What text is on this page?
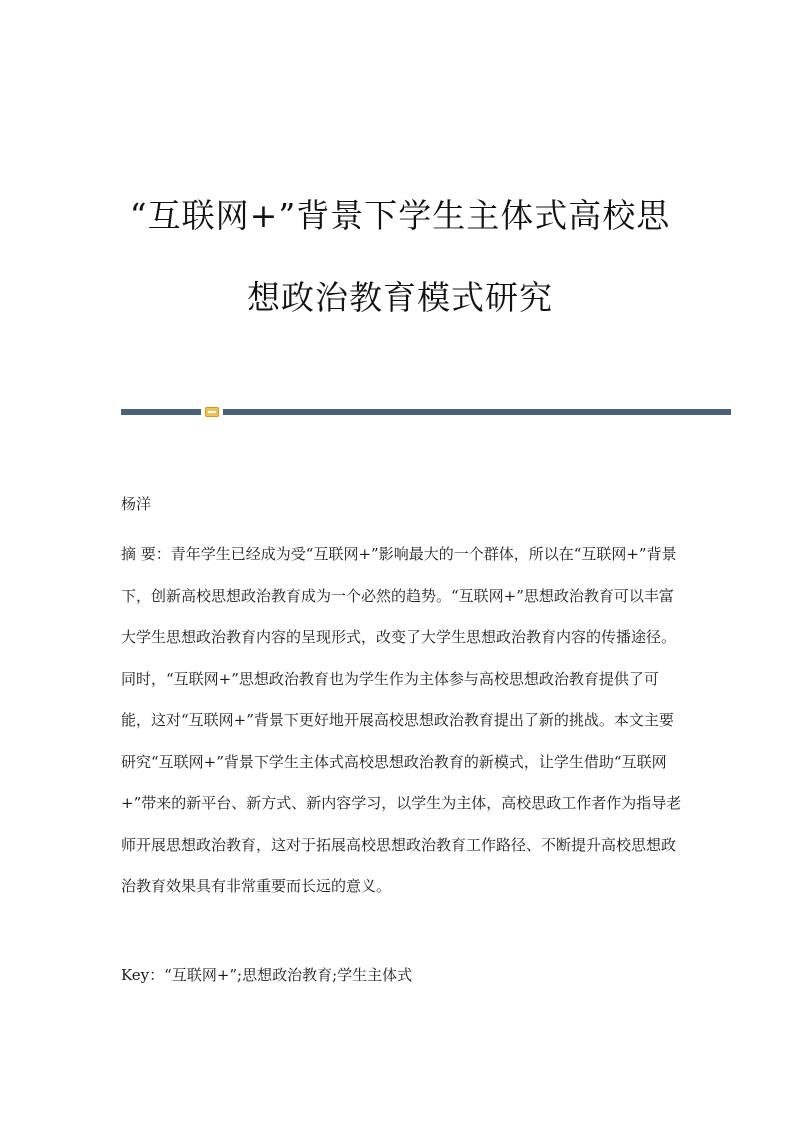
“互联网+”背景下学生主体式高校思
想政治教育模式研究

杨洋

摘 要：青年学生已经成为受“互联网+”影响最大的一个群体，所以在“互联网+”背景下，创新高校思想政治教育成为一个必然的趋势。“互联网+”思想政治教育可以丰富大学生思想政治教育内容的呈现形式，改变了大学生思想政治教育内容的传播途径。同时，“互联网+”思想政治教育也为学生作为主体参与高校思想政治教育提供了可能，这对“互联网+”背景下更好地开展高校思想政治教育提出了新的挑战。本文主要研究“互联网+”背景下学生主体式高校思想政治教育的新模式，让学生借助“互联网+”带来的新平台、新方式、新内容学习，以学生为主体，高校思政工作者作为指导老师开展思想政治教育，这对于拓展高校思想政治教育工作路径、不断提升高校思想政治教育效果具有非常重要而长远的意义。

Key：“互联网+”;思想政治教育;学生主体式
